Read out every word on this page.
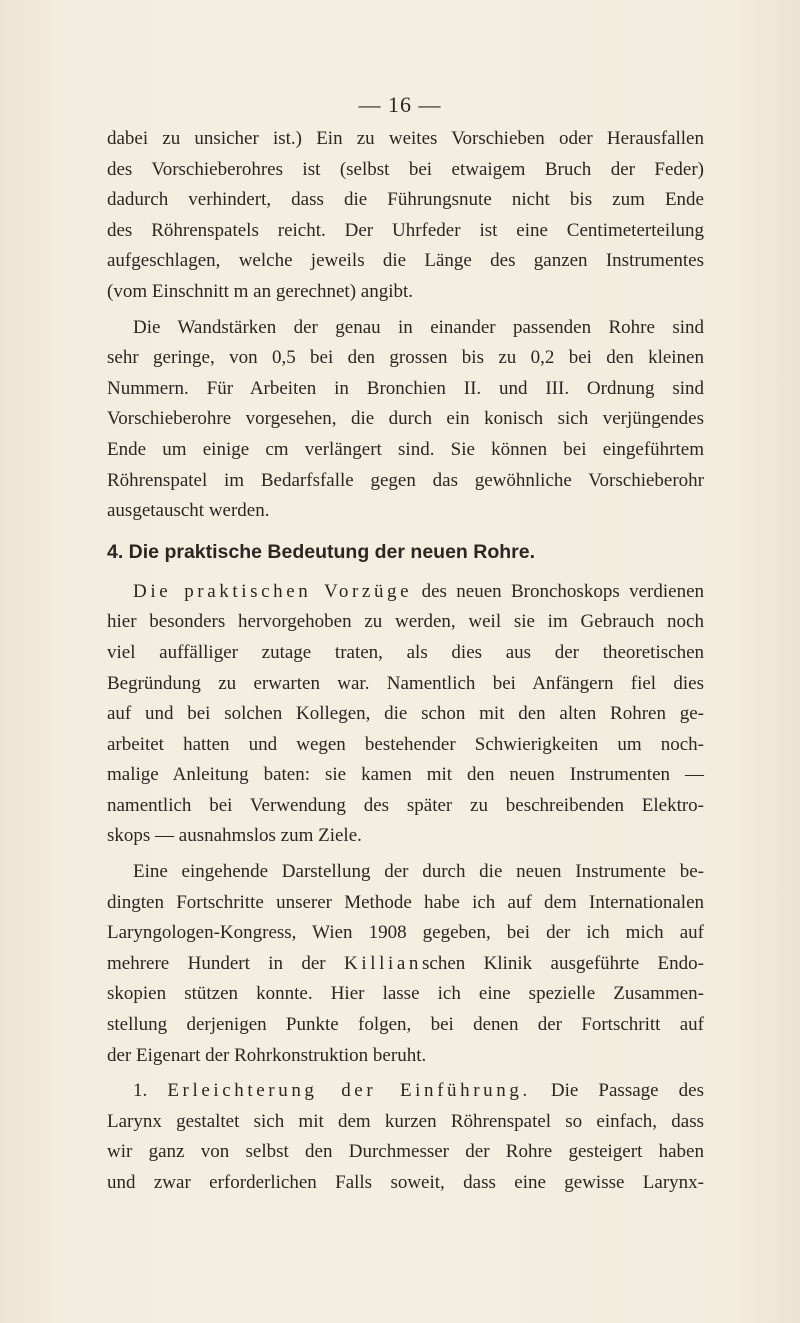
— 16 —
dabei zu unsicher ist.) Ein zu weites Vorschieben oder Herausfallen
des Vorschieberohres ist (selbst bei etwaigem Bruch der Feder)
dadurch verhindert, dass die Führungsnute nicht bis zum Ende
des Röhrenspatels reicht. Der Uhrfeder ist eine Centimeterteilung
aufgeschlagen, welche jeweils die Länge des ganzen Instrumentes
(vom Einschnitt m an gerechnet) angibt.
Die Wandstärken der genau in einander passenden Rohre sind
sehr geringe, von 0,5 bei den grossen bis zu 0,2 bei den kleinen
Nummern. Für Arbeiten in Bronchien II. und III. Ordnung sind
Vorschieberohre vorgesehen, die durch ein konisch sich verjüngendes
Ende um einige cm verlängert sind. Sie können bei eingeführtem
Röhrenspatel im Bedarfsfalle gegen das gewöhnliche Vorschieberohr
ausgetauscht werden.
4. Die praktische Bedeutung der neuen Rohre.
Die praktischen Vorzüge des neuen Bronchoskops verdienen
hier besonders hervorgehoben zu werden, weil sie im Gebrauch noch
viel auffälliger zutage traten, als dies aus der theoretischen
Begründung zu erwarten war. Namentlich bei Anfängern fiel dies
auf und bei solchen Kollegen, die schon mit den alten Rohren ge-
arbeitet hatten und wegen bestehender Schwierigkeiten um noch-
malige Anleitung baten: sie kamen mit den neuen Instrumenten —
namentlich bei Verwendung des später zu beschreibenden Elektro-
skops — ausnahmslos zum Ziele.
Eine eingehende Darstellung der durch die neuen Instrumente be-
dingten Fortschritte unserer Methode habe ich auf dem Internationalen
Laryngologen-Kongress, Wien 1908 gegeben, bei der ich mich auf
mehrere Hundert in der Killianschen Klinik ausgeführte Endo-
skopien stützen konnte. Hier lasse ich eine spezielle Zusammen-
stellung derjenigen Punkte folgen, bei denen der Fortschritt auf
der Eigenart der Rohrkonstruktion beruht.
1. Erleichterung der Einführung. Die Passage des
Larynx gestaltet sich mit dem kurzen Röhrenspatel so einfach, dass
wir ganz von selbst den Durchmesser der Rohre gesteigert haben
und zwar erforderlichen Falls soweit, dass eine gewisse Larynx-
